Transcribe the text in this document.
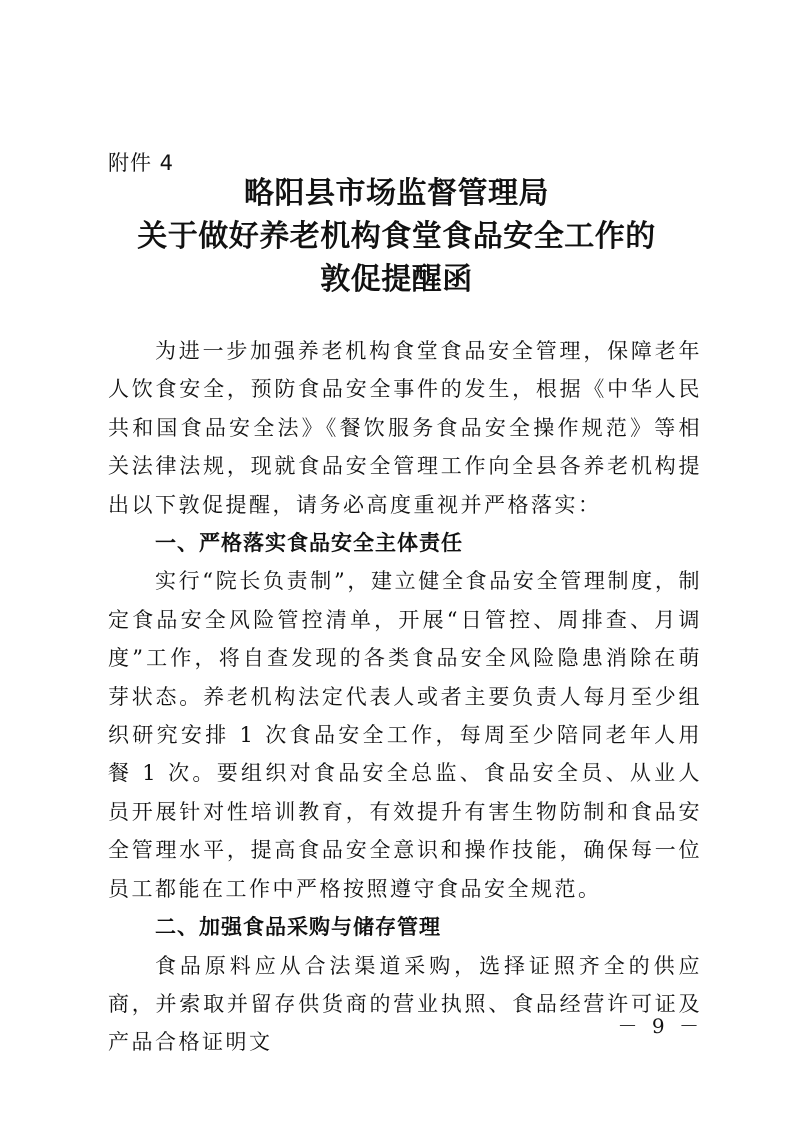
附件 4
略阳县市场监督管理局
关于做好养老机构食堂食品安全工作的
敦促提醒函

为进一步加强养老机构食堂食品安全管理，保障老年人饮食安全，预防食品安全事件的发生，根据《中华人民共和国食品安全法》《餐饮服务食品安全操作规范》等相关法律法规，现就食品安全管理工作向全县各养老机构提出以下敦促提醒，请务必高度重视并严格落实：

一、严格落实食品安全主体责任

实行“院长负责制”，建立健全食品安全管理制度，制定食品安全风险管控清单，开展“日管控、周排查、月调度”工作，将自查发现的各类食品安全风险隐患消除在萌芽状态。养老机构法定代表人或者主要负责人每月至少组织研究安排 1 次食品安全工作，每周至少陪同老年人用餐 1 次。要组织对食品安全总监、食品安全员、从业人员开展针对性培训教育，有效提升有害生物防制和食品安全管理水平，提高食品安全意识和操作技能，确保每一位员工都能在工作中严格按照遵守食品安全规范。

二、加强食品采购与储存管理

食品原料应从合法渠道采购，选择证照齐全的供应商，并索取并留存供货商的营业执照、食品经营许可证及产品合格证明文

－ 9 －
